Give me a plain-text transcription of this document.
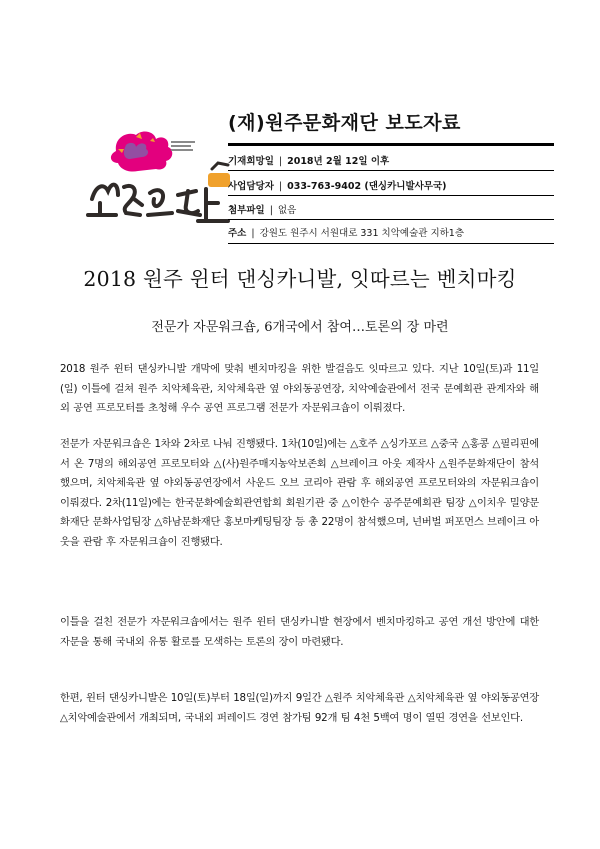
(재)원주문화재단 보도자료
기재희망일 | 2018년 2월 12일 이후
사업담당자 | 033-763-9402 (댄싱카니발사무국)
첨부파일 | 없음
주소 | 강원도 원주시 서원대로 331 치악예술관 지하1층
2018 원주 윈터 댄싱카니발, 잇따르는 벤치마킹
전문가 자문워크숍, 6개국에서 참여…토론의 장 마련
2018 원주 윈터 댄싱카니발 개막에 맞춰 벤치마킹을 위한 발걸음도 잇따르고 있다. 지난 10일(토)과 11일(일) 이틀에 걸쳐 원주 치악체육관, 치악체육관 옆 야외동공연장, 치악예술관에서 전국 문예회관 관계자와 해외 공연 프로모터를 초청해 우수 공연 프로그램 전문가 자문워크숍이 이뤄졌다.
전문가 자문워크숍은 1차와 2차로 나눠 진행됐다. 1차(10일)에는 △호주 △싱가포르 △중국 △홍콩 △필리핀에서 온 7명의 해외공연 프로모터와 △(사)원주매지농악보존회 △브레이크 아웃 제작사 △원주문화재단이 참석했으며, 치악체육관 옆 야외동공연장에서 사운드 오브 코리아 관람 후 해외공연 프로모터와의 자문워크숍이 이뤄졌다. 2차(11일)에는 한국문화예술회관연합회 회원기관 중 △이한수 공주문예회관 팀장 △이치우 밀양문화재단 문화사업팀장 △하남문화재단 홍보마케팅팀장 등 총 22명이 참석했으며, 넌버벌 퍼포먼스 브레이크 아웃을 관람 후 자문워크숍이 진행됐다.
이틀을 걸친 전문가 자문워크숍에서는 원주 윈터 댄싱카니발 현장에서 벤치마킹하고 공연 개선 방안에 대한 자문을 통해 국내외 유통 활로를 모색하는 토론의 장이 마련됐다.
한편, 윈터 댄싱카니발은 10일(토)부터 18일(일)까지 9일간 △원주 치악체육관 △치악체육관 옆 야외동공연장 △치악예술관에서 개최되며, 국내외 퍼레이드 경연 참가팀 92개 팀 4천 5백여 명이 열띤 경연을 선보인다.
